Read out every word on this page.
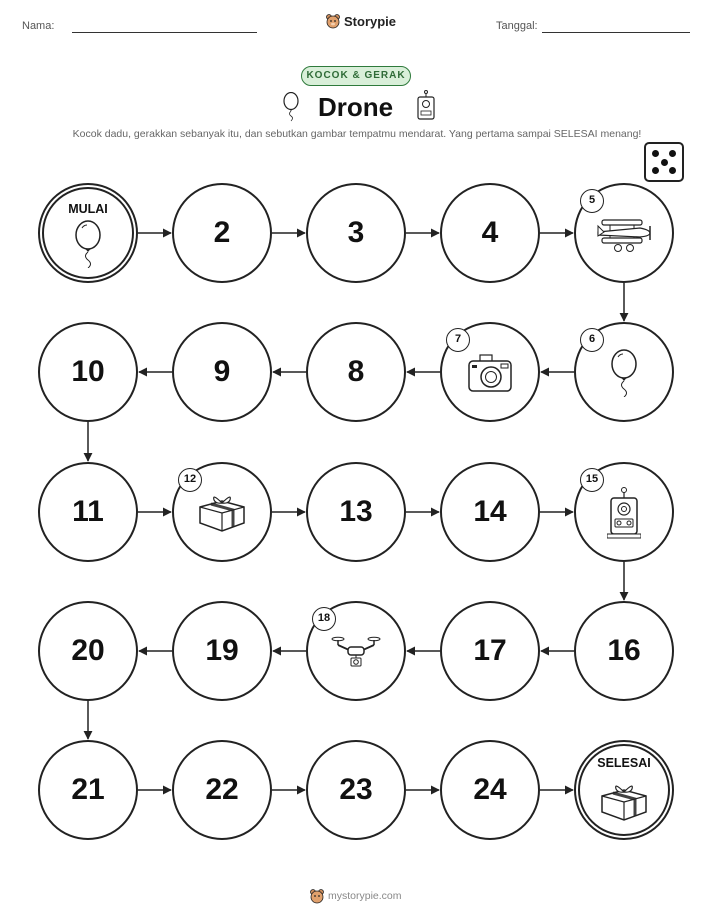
Nama:	Storypie	Tanggal:
KOCOK & GERAK
Drone
Kocok dadu, gerakkan sebanyak itu, dan sebutkan gambar tempatmu mendarat. Yang pertama sampai SELESAI menang!
MULAI
2	3	4
5
6
7
8
9
10
11
12
13	14
15
16
17
18
19
20
21	22	23	24
SELESAI
mystorypie.com
